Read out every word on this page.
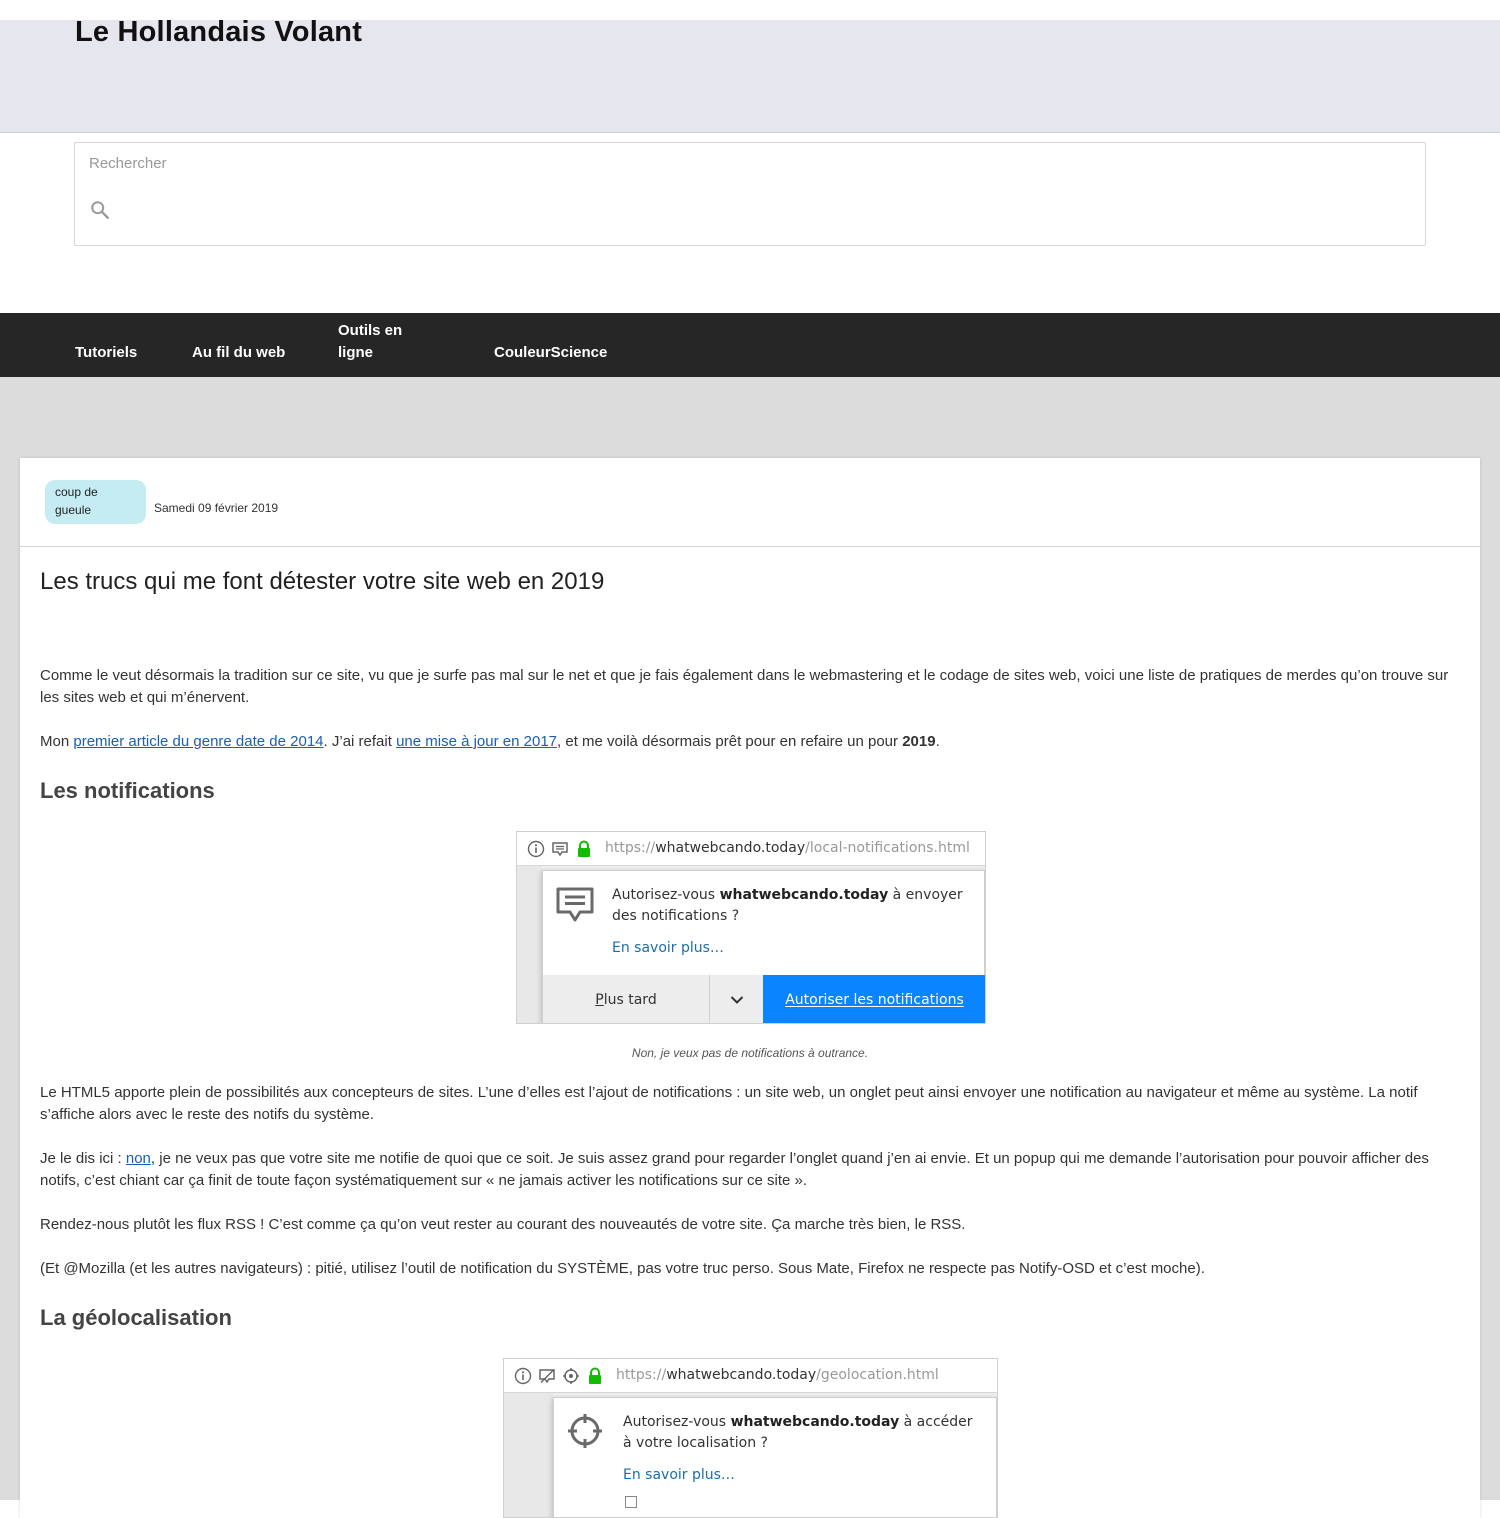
Le Hollandais Volant
Rechercher
Tutoriels	Au fil du web
Outils en ligne	CouleurScience
coup de gueule	Samedi 09 février 2019
Les trucs qui me font détester votre site web en 2019

Comme le veut désormais la tradition sur ce site, vu que je surfe pas mal sur le net et que je fais également dans le webmastering et le codage de sites web, voici une liste de pratiques de merdes qu’on trouve sur les sites web et qui m’énervent.

Mon premier article du genre date de 2014. J’ai refait une mise à jour en 2017, et me voilà désormais prêt pour en refaire un pour 2019.

Les notifications
https://whatwebcando.today/local-notifications.html
Autorisez-vous whatwebcando.today à envoyer des notifications ?
En savoir plus…
Plus tard	Autoriser les notifications
Non, je veux pas de notifications à outrance.

Le HTML5 apporte plein de possibilités aux concepteurs de sites. L’une d’elles est l’ajout de notifications : un site web, un onglet peut ainsi envoyer une notification au navigateur et même au système. La notif s’affiche alors avec le reste des notifs du système.

Je le dis ici : non, je ne veux pas que votre site me notifie de quoi que ce soit. Je suis assez grand pour regarder l’onglet quand j’en ai envie. Et un popup qui me demande l’autorisation pour pouvoir afficher des notifs, c’est chiant car ça finit de toute façon systématiquement sur « ne jamais activer les notifications sur ce site ».

Rendez-nous plutôt les flux RSS ! C’est comme ça qu’on veut rester au courant des nouveautés de votre site. Ça marche très bien, le RSS.

(Et @Mozilla (et les autres navigateurs) : pitié, utilisez l’outil de notification du SYSTÈME, pas votre truc perso. Sous Mate, Firefox ne respecte pas Notify-OSD et c’est moche).

La géolocalisation
https://whatwebcando.today/geolocation.html
Autorisez-vous whatwebcando.today à accéder à votre localisation ?
En savoir plus…
